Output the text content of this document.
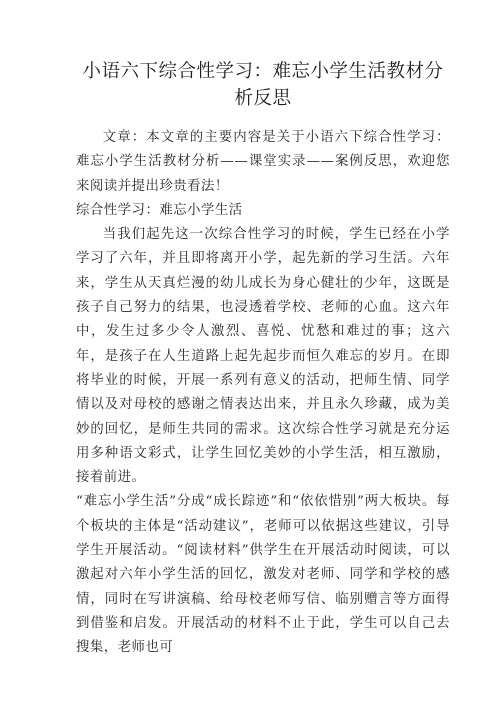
小语六下综合性学习：难忘小学生活教材分析反思

文章：本文章的主要内容是关于小语六下综合性学习：难忘小学生活教材分析——课堂实录——案例反思，欢迎您来阅读并提出珍贵看法！

综合性学习：难忘小学生活

当我们起先这一次综合性学习的时候，学生已经在小学学习了六年，并且即将离开小学，起先新的学习生活。六年来，学生从天真烂漫的幼儿成长为身心健壮的少年，这既是孩子自己努力的结果，也浸透着学校、老师的心血。这六年中，发生过多少令人激烈、喜悦、忧愁和难过的事；这六年，是孩子在人生道路上起先起步而恒久难忘的岁月。在即将毕业的时候，开展一系列有意义的活动，把师生情、同学情以及对母校的感谢之情表达出来，并且永久珍藏，成为美妙的回忆，是师生共同的需求。这次综合性学习就是充分运用多种语文彩式，让学生回忆美妙的小学生活，相互激励，接着前进。

“难忘小学生活”分成“成长踪迹”和“依依惜别”两大板块。每个板块的主体是“活动建议”，老师可以依据这些建议，引导学生开展活动。“阅读材料”供学生在开展活动时阅读，可以激起对六年小学生活的回忆，激发对老师、同学和学校的感情，同时在写讲演稿、给母校老师写信、临别赠言等方面得到借鉴和启发。开展活动的材料不止于此，学生可以自己去搜集，老师也可
